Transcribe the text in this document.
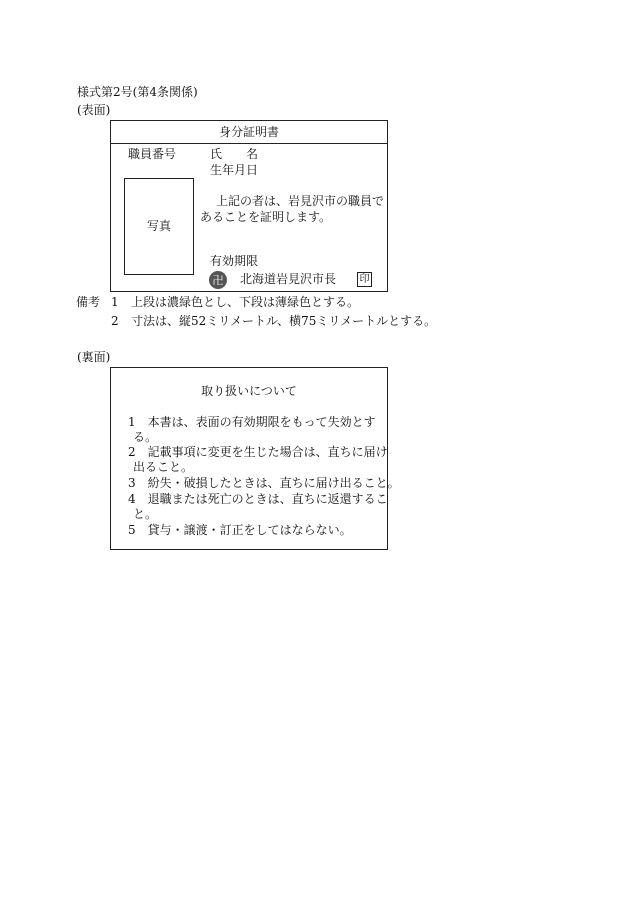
様式第2号(第4条関係)
(表面)
身分証明書
職員番号	氏　　名
生年月日
写真
上記の者は、岩見沢市の職員で
あることを証明します。
有効期限
卍 北海道岩見沢市長 印
備考 1 上段は濃緑色とし、下段は薄緑色とする。
2 寸法は、縦52ミリメートル、横75ミリメートルとする。
(裏面)
取り扱いについて
1　本書は、表面の有効期限をもって失効とす
る。
2　記載事項に変更を生じた場合は、直ちに届け
出ること。
3　紛失・破損したときは、直ちに届け出ること。
4　退職または死亡のときは、直ちに返還するこ
と。
5　貸与・譲渡・訂正をしてはならない。
